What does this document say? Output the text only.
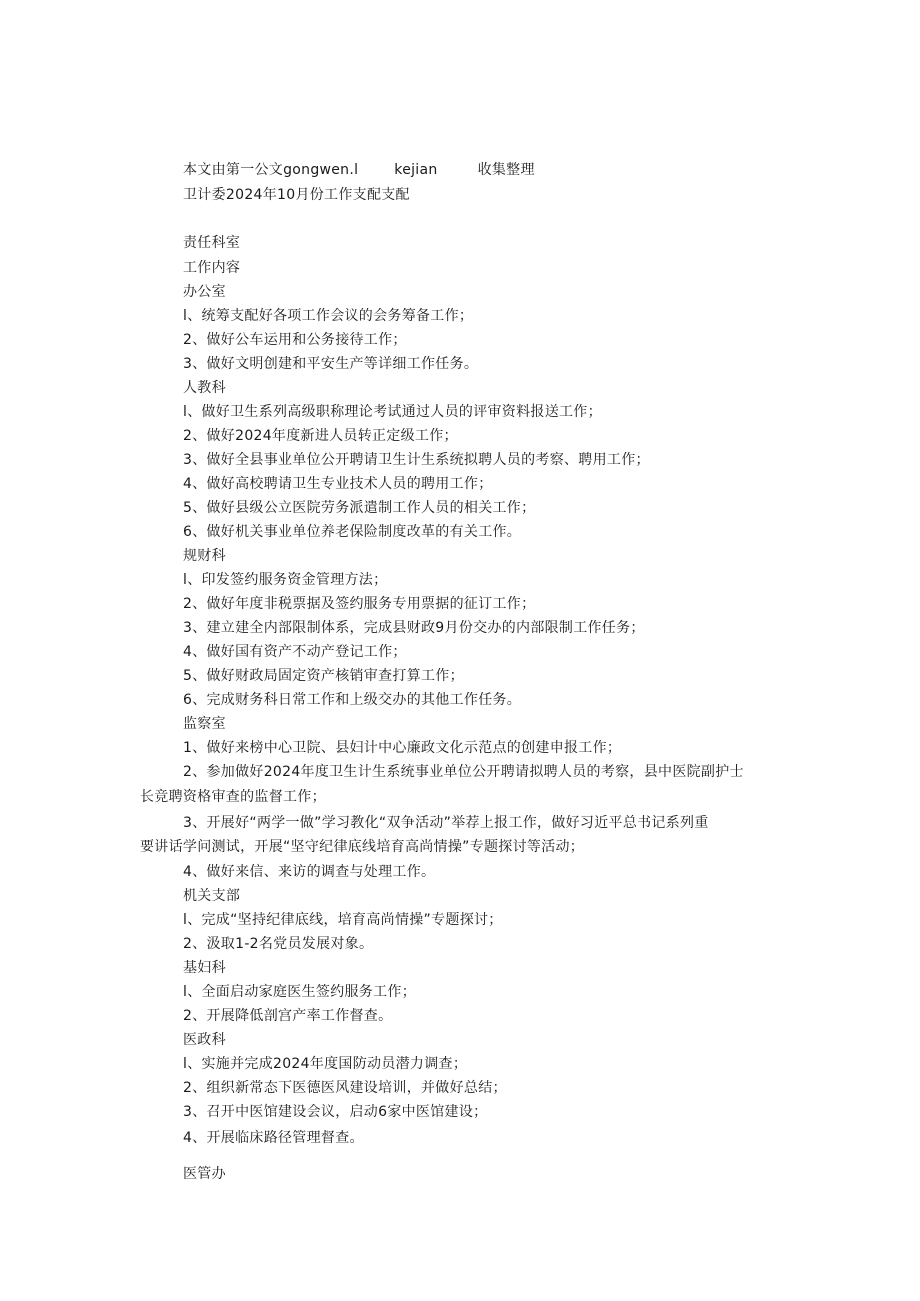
本文由第一公文gongwen.l	kejian	收集整理
卫计委2024年10月份工作支配支配
责任科室
工作内容
办公室
l、统筹支配好各项工作会议的会务筹备工作；
2、做好公车运用和公务接待工作；
3、做好文明创建和平安生产等详细工作任务。
人教科
l、做好卫生系列高级职称理论考试通过人员的评审资料报送工作；
2、做好2024年度新进人员转正定级工作；
3、做好全县事业单位公开聘请卫生计生系统拟聘人员的考察、聘用工作；
4、做好高校聘请卫生专业技术人员的聘用工作；
5、做好县级公立医院劳务派遣制工作人员的相关工作；
6、做好机关事业单位养老保险制度改革的有关工作。
规财科
l、印发签约服务资金管理方法；
2、做好年度非税票据及签约服务专用票据的征订工作；
3、建立建全内部限制体系，完成县财政9月份交办的内部限制工作任务；
4、做好国有资产不动产登记工作；
5、做好财政局固定资产核销审查打算工作；
6、完成财务科日常工作和上级交办的其他工作任务。
监察室
1、做好来榜中心卫院、县妇计中心廉政文化示范点的创建申报工作；
2、参加做好2024年度卫生计生系统事业单位公开聘请拟聘人员的考察，县中医院副护士
长竞聘资格审查的监督工作；
3、开展好“两学一做”学习教化“双争活动”举荐上报工作，做好习近平总书记系列重
要讲话学问测试，开展“坚守纪律底线培育高尚情操”专题探讨等活动；
4、做好来信、来访的调查与处理工作。
机关支部
l、完成“坚持纪律底线，培育高尚情操”专题探讨；
2、汲取1-2名党员发展对象。
基妇科
l、全面启动家庭医生签约服务工作；
2、开展降低剖宫产率工作督查。
医政科
l、实施并完成2024年度国防动员潜力调查；
2、组织新常态下医德医风建设培训，并做好总结；
3、召开中医馆建设会议，启动6家中医馆建设；
4、开展临床路径管理督查。
医管办
